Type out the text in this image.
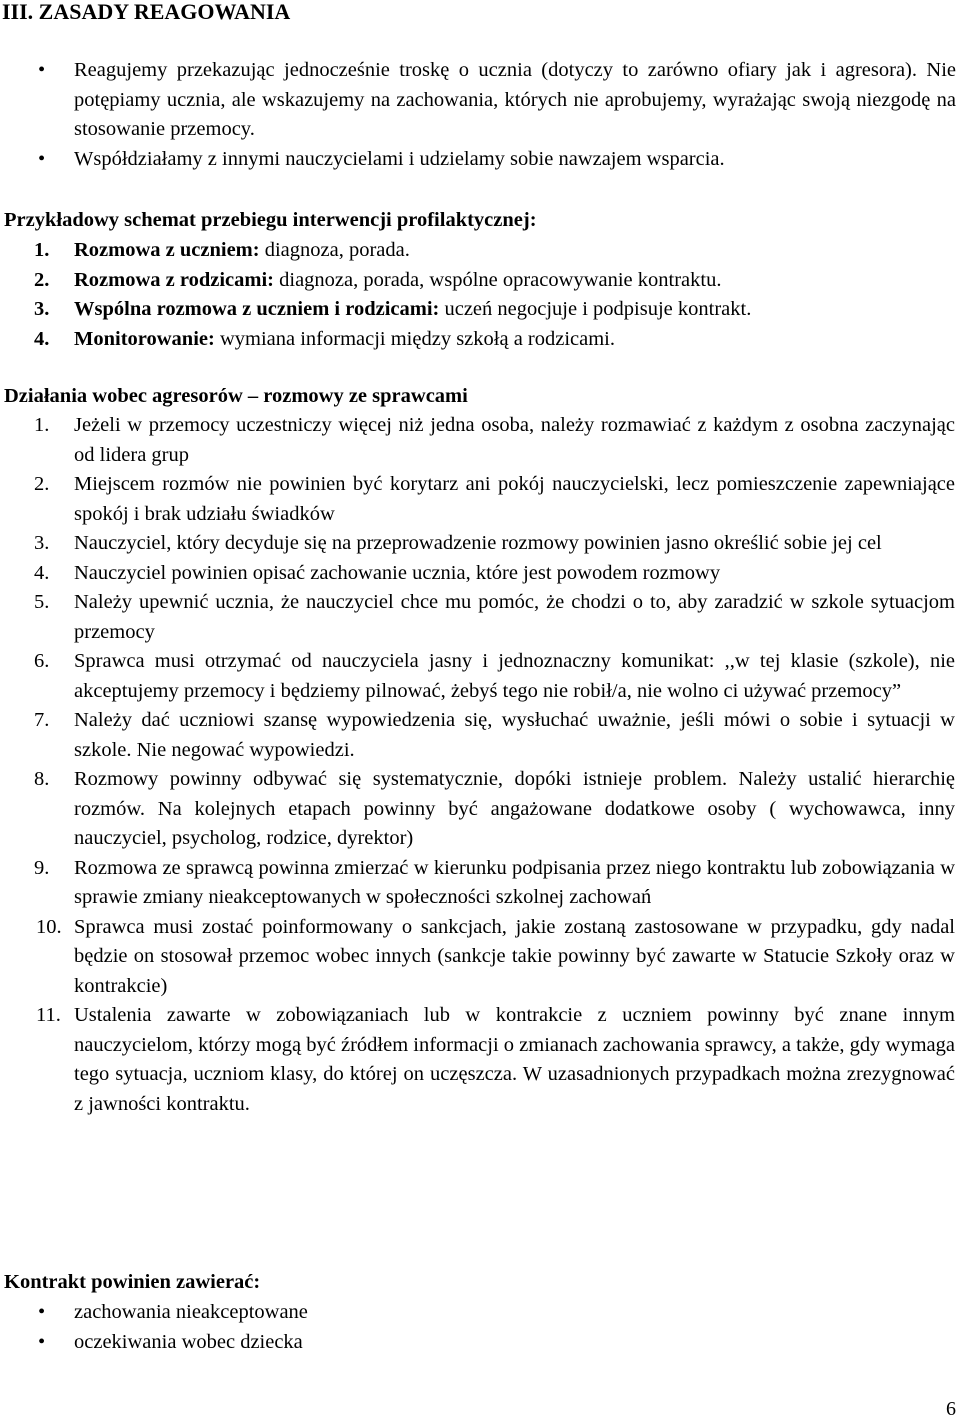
III. ZASADY REAGOWANIA
• Reagujemy przekazując jednocześnie troskę o ucznia (dotyczy to zarówno ofiary jak i agresora). Nie potępiamy ucznia, ale wskazujemy na zachowania, których nie aprobujemy, wyrażając swoją niezgodę na stosowanie przemocy.
• Współdziałamy z innymi nauczycielami i udzielamy sobie nawzajem wsparcia.

Przykładowy schemat przebiegu interwencji profilaktycznej:

1. Rozmowa z uczniem: diagnoza, porada.
2. Rozmowa z rodzicami: diagnoza, porada, wspólne opracowywanie kontraktu.
3. Wspólna rozmowa z uczniem i rodzicami: uczeń negocjuje i podpisuje kontrakt.
4. Monitorowanie: wymiana informacji między szkołą a rodzicami.

Działania wobec agresorów – rozmowy ze sprawcami

1. Jeżeli w przemocy uczestniczy więcej niż jedna osoba, należy rozmawiać z każdym z osobna zaczynając od lidera grup
2. Miejscem rozmów nie powinien być korytarz ani pokój nauczycielski, lecz pomieszczenie zapewniające spokój i brak udziału świadków
3. Nauczyciel, który decyduje się na przeprowadzenie rozmowy powinien jasno określić sobie jej cel
4. Nauczyciel powinien opisać zachowanie ucznia, które jest powodem rozmowy
5. Należy upewnić ucznia, że nauczyciel chce mu pomóc, że chodzi o to, aby zaradzić w szkole sytuacjom przemocy
6. Sprawca musi otrzymać od nauczyciela jasny i jednoznaczny komunikat: ,,w tej klasie (szkole), nie akceptujemy przemocy i będziemy pilnować, żebyś tego nie robił/a, nie wolno ci używać przemocy”
7. Należy dać uczniowi szansę wypowiedzenia się, wysłuchać uważnie, jeśli mówi o sobie i sytuacji w szkole. Nie negować wypowiedzi.
8. Rozmowy powinny odbywać się systematycznie, dopóki istnieje problem. Należy ustalić hierarchię rozmów. Na kolejnych etapach powinny być angażowane dodatkowe osoby ( wychowawca, inny nauczyciel, psycholog, rodzice, dyrektor)
9. Rozmowa ze sprawcą powinna zmierzać w kierunku podpisania przez niego kontraktu lub zobowiązania w sprawie zmiany nieakceptowanych w społeczności szkolnej zachowań
10. Sprawca musi zostać poinformowany o sankcjach, jakie zostaną zastosowane w przypadku, gdy nadal będzie on stosował przemoc wobec innych (sankcje takie powinny być zawarte w Statucie Szkoły oraz w kontrakcie)
11. Ustalenia zawarte w zobowiązaniach lub w kontrakcie z uczniem powinny być znane innym nauczycielom, którzy mogą być źródłem informacji o zmianach zachowania sprawcy, a także, gdy wymaga tego sytuacja, uczniom klasy, do której on uczęszcza. W uzasadnionych przypadkach można zrezygnować z jawności kontraktu.

Kontrakt powinien zawierać:

• zachowania nieakceptowane
• oczekiwania wobec dziecka
6
